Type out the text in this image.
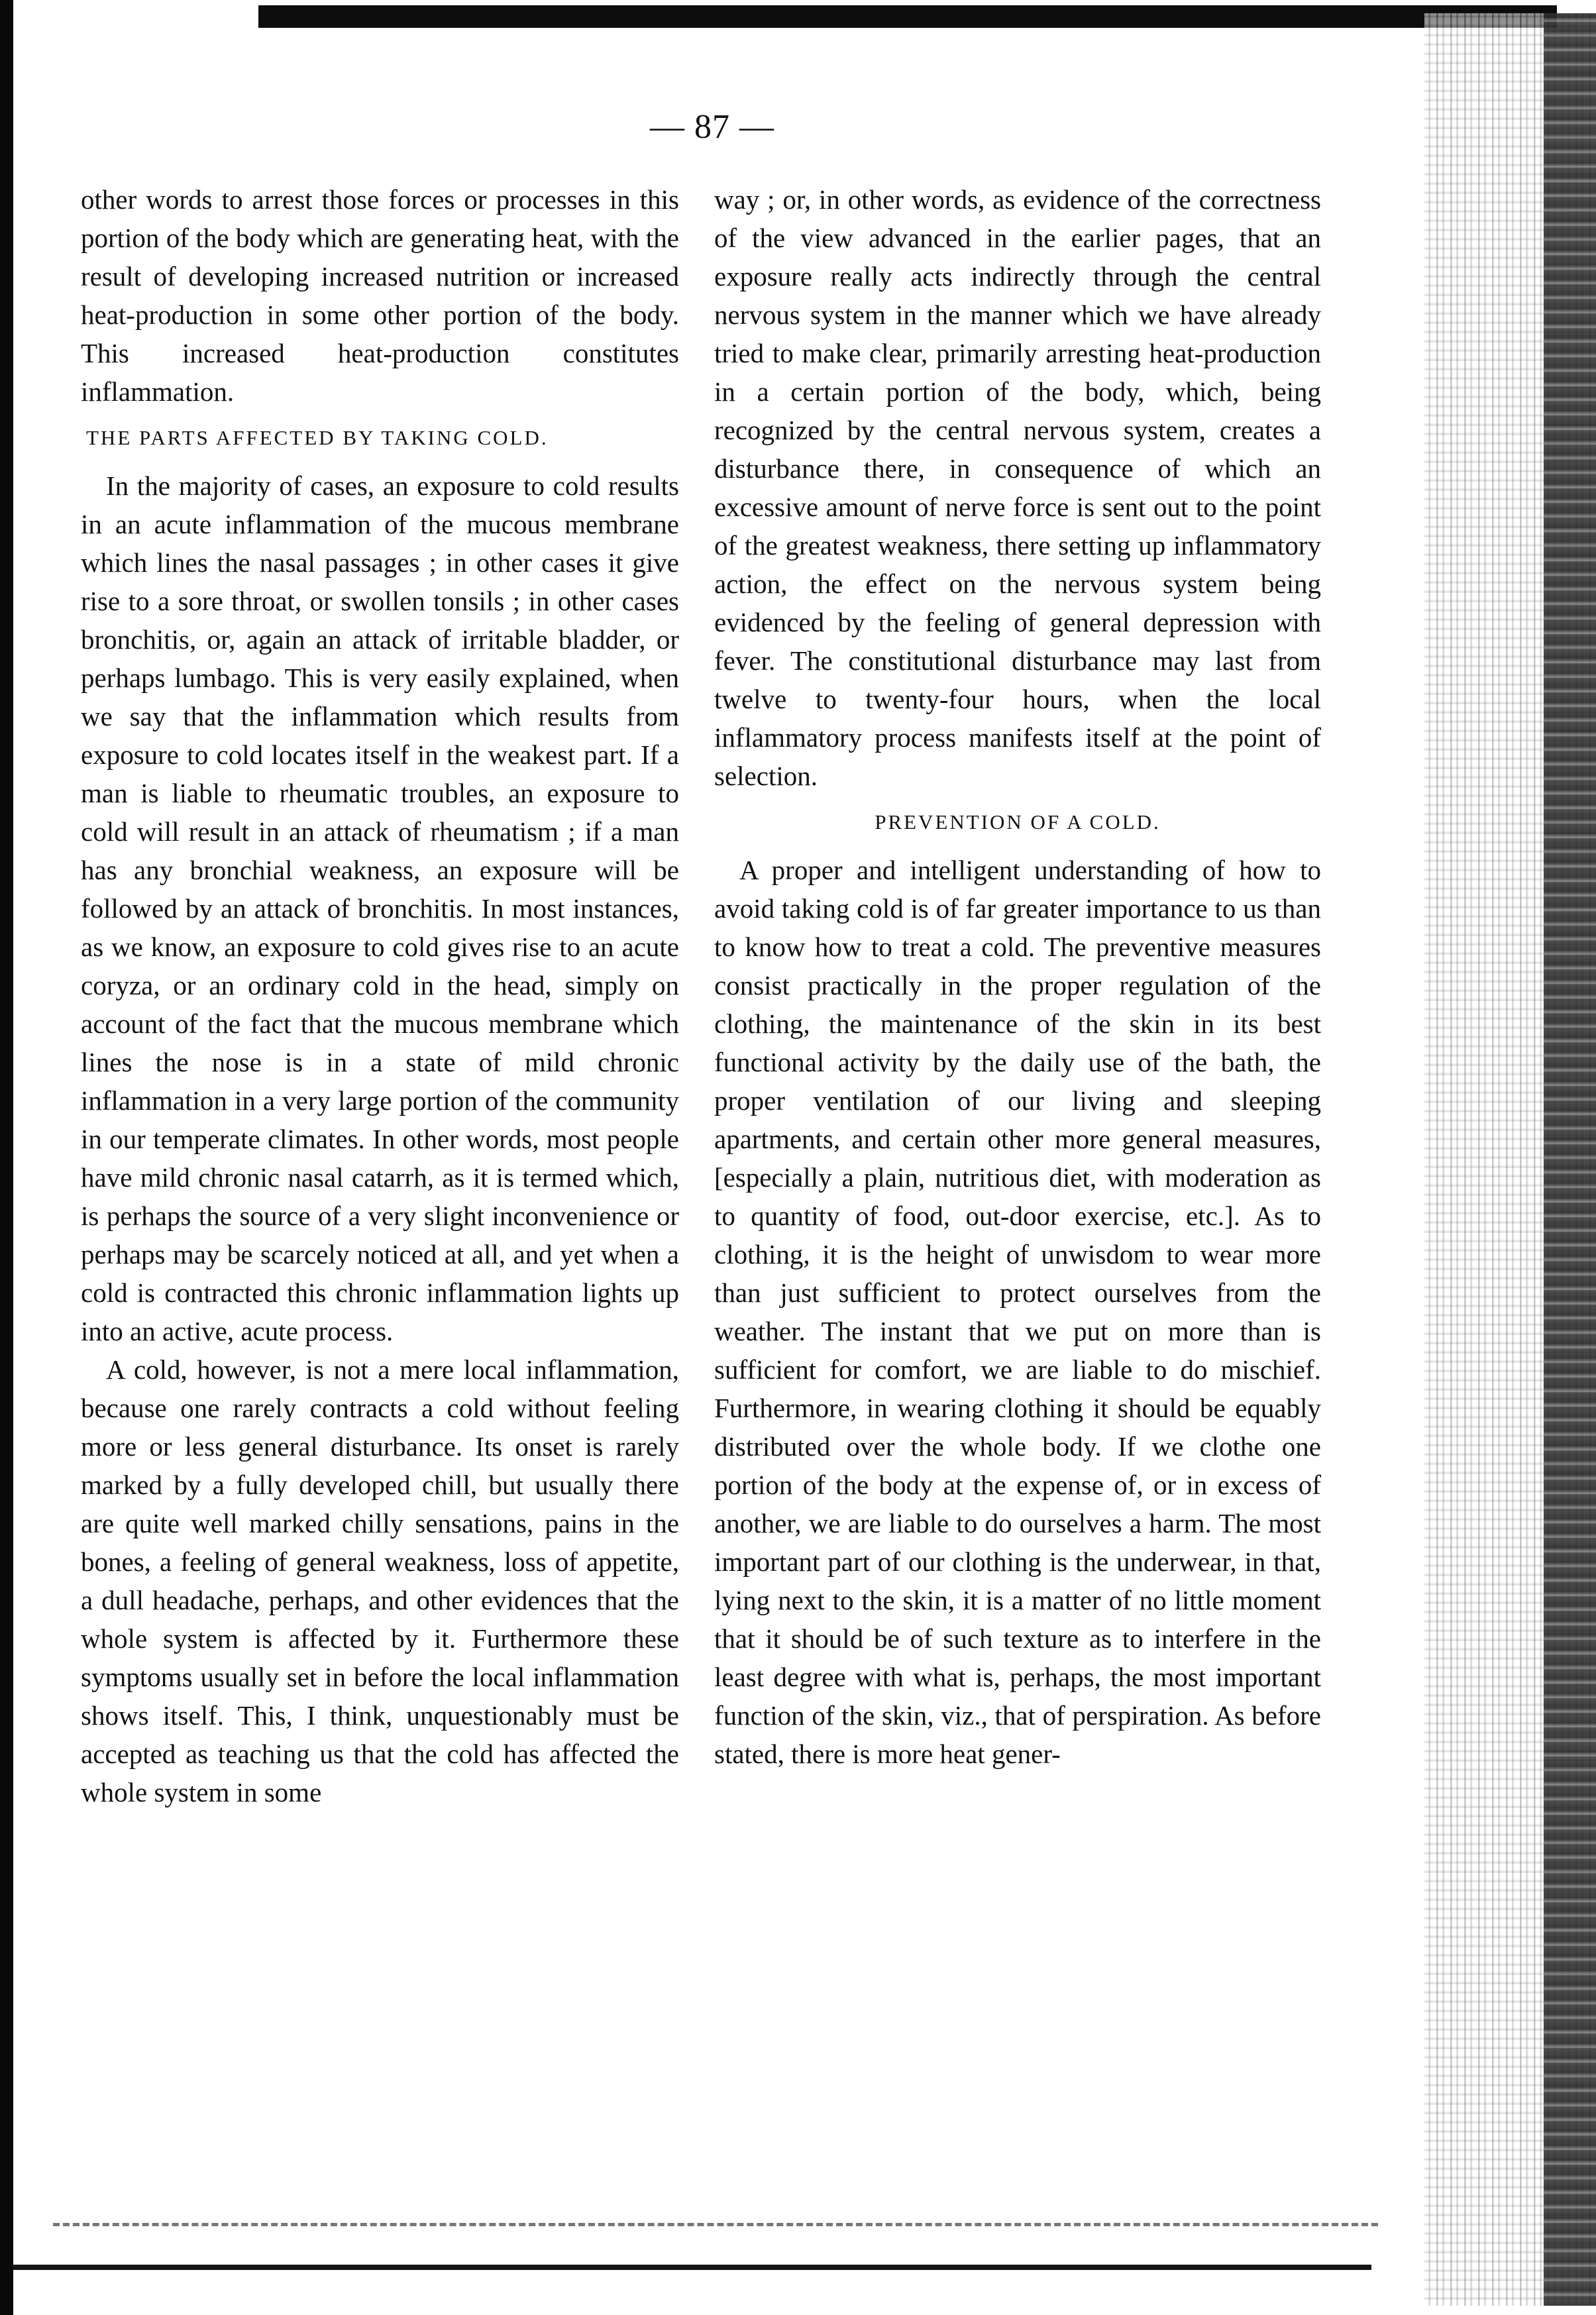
— 87 —

other words to arrest those forces or processes in this portion of the body which are generating heat, with the result of developing increased nutrition or increased heat-production in some other portion of the body. This increased heat-production constitutes inflammation.

THE PARTS AFFECTED BY TAKING COLD.

In the majority of cases, an exposure to cold results in an acute inflammation of the mucous membrane which lines the nasal passages ; in other cases it give rise to a sore throat, or swollen tonsils ; in other cases bronchitis, or, again an attack of irritable bladder, or perhaps lumbago. This is very easily explained, when we say that the inflammation which results from exposure to cold locates itself in the weakest part. If a man is liable to rheumatic troubles, an exposure to cold will result in an attack of rheumatism ; if a man has any bronchial weakness, an exposure will be followed by an attack of bronchitis. In most instances, as we know, an exposure to cold gives rise to an acute coryza, or an ordinary cold in the head, simply on account of the fact that the mucous membrane which lines the nose is in a state of mild chronic inflammation in a very large portion of the community in our temperate climates. In other words, most people have mild chronic nasal catarrh, as it is termed which, is perhaps the source of a very slight inconvenience or perhaps may be scarcely noticed at all, and yet when a cold is contracted this chronic inflammation lights up into an active, acute process.

A cold, however, is not a mere local inflammation, because one rarely contracts a cold without feeling more or less general disturbance. Its onset is rarely marked by a fully developed chill, but usually there are quite well marked chilly sensations, pains in the bones, a feeling of general weakness, loss of appetite, a dull headache, perhaps, and other evidences that the whole system is affected by it. Furthermore these symptoms usually set in before the local inflammation shows itself. This, I think, unquestionably must be accepted as teaching us that the cold has affected the whole system in some

way ; or, in other words, as evidence of the correctness of the view advanced in the earlier pages, that an exposure really acts indirectly through the central nervous system in the manner which we have already tried to make clear, primarily arresting heat-production in a certain portion of the body, which, being recognized by the central nervous system, creates a disturbance there, in consequence of which an excessive amount of nerve force is sent out to the point of the greatest weakness, there setting up inflammatory action, the effect on the nervous system being evidenced by the feeling of general depression with fever. The constitutional disturbance may last from twelve to twenty-four hours, when the local inflammatory process manifests itself at the point of selection.

PREVENTION OF A COLD.

A proper and intelligent understanding of how to avoid taking cold is of far greater importance to us than to know how to treat a cold. The preventive measures consist practically in the proper regulation of the clothing, the maintenance of the skin in its best functional activity by the daily use of the bath, the proper ventilation of our living and sleeping apartments, and certain other more general measures, [especially a plain, nutritious diet, with moderation as to quantity of food, out-door exercise, etc.]. As to clothing, it is the height of unwisdom to wear more than just sufficient to protect ourselves from the weather. The instant that we put on more than is sufficient for comfort, we are liable to do mischief. Furthermore, in wearing clothing it should be equably distributed over the whole body. If we clothe one portion of the body at the expense of, or in excess of another, we are liable to do ourselves a harm. The most important part of our clothing is the underwear, in that, lying next to the skin, it is a matter of no little moment that it should be of such texture as to interfere in the least degree with what is, perhaps, the most important function of the skin, viz., that of perspiration. As before stated, there is more heat gener-
